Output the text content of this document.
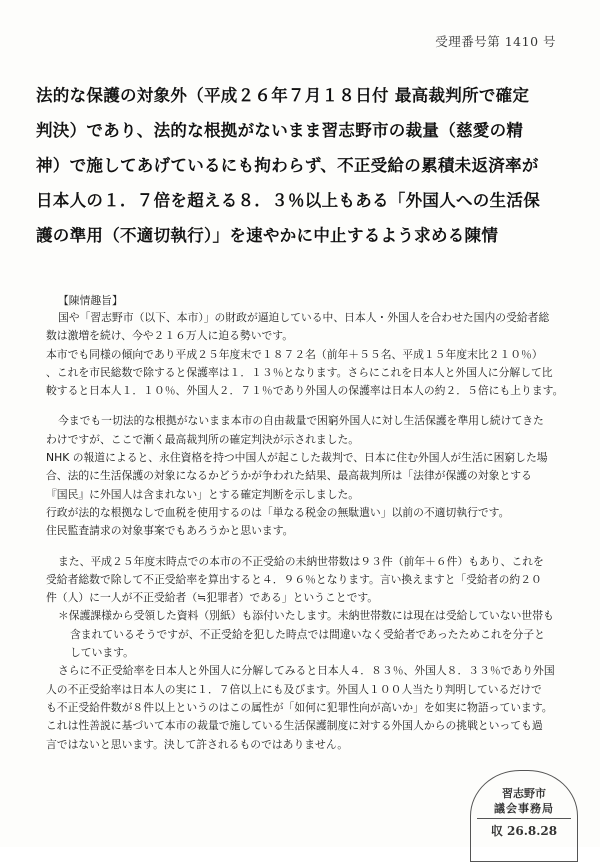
受理番号第 1410 号
法的な保護の対象外（平成２６年７月１８日付 最高裁判所で確定
判決）であり、法的な根拠がないまま習志野市の裁量（慈愛の精
神）で施してあげているにも拘わらず、不正受給の累積未返済率が
日本人の１．７倍を超える８．３％以上もある「外国人への生活保
護の準用（不適切執行）」を速やかに中止するよう求める陳情
【陳情趣旨】
国や「習志野市（以下、本市）」の財政が逼迫している中、日本人・外国人を合わせた国内の受給者総
数は激増を続け、今や２１６万人に迫る勢いです。
本市でも同様の傾向であり平成２５年度末で１８７２名（前年＋５５名、平成１５年度末比２１０％）
、これを市民総数で除すると保護率は１．１３％となります。さらにこれを日本人と外国人に分解して比
較すると日本人１．１０％、外国人２．７１％であり外国人の保護率は日本人の約２．５倍にも上ります。
今までも一切法的な根拠がないまま本市の自由裁量で困窮外国人に対し生活保護を準用し続けてきた
わけですが、ここで漸く最高裁判所の確定判決が示されました。
NHK の報道によると、永住資格を持つ中国人が起こした裁判で、日本に住む外国人が生活に困窮した場
合、法的に生活保護の対象になるかどうかが争われた結果、最高裁判所は「法律が保護の対象とする
『国民』に外国人は含まれない」とする確定判断を示しました。
行政が法的な根拠なしで血税を使用するのは「単なる税金の無駄遣い」以前の不適切執行です。
住民監査請求の対象事案でもあろうかと思います。
また、平成２５年度末時点での本市の不正受給の未納世帯数は９３件（前年＋６件）もあり、これを
受給者総数で除して不正受給率を算出すると４．９６％となります。言い換えますと「受給者の約２０
件（人）に一人が不正受給者（≒犯罪者）である」ということです。
＊保護課様から受領した資料（別紙）も添付いたします。未納世帯数には現在は受給していない世帯も
含まれているそうですが、不正受給を犯した時点では間違いなく受給者であったためこれを分子と
しています。
さらに不正受給率を日本人と外国人に分解してみると日本人４．８３％、外国人８．３３％であり外国
人の不正受給率は日本人の実に１．７倍以上にも及びます。外国人１００人当たり判明しているだけで
も不正受給件数が８件以上というのはこの属性が「如何に犯罪性向が高いか」を如実に物語っています。
これは性善説に基づいて本市の裁量で施している生活保護制度に対する外国人からの挑戦といっても過
言ではないと思います。決して許されるものではありません。
習志野市
議会事務局
収 26.8.28
